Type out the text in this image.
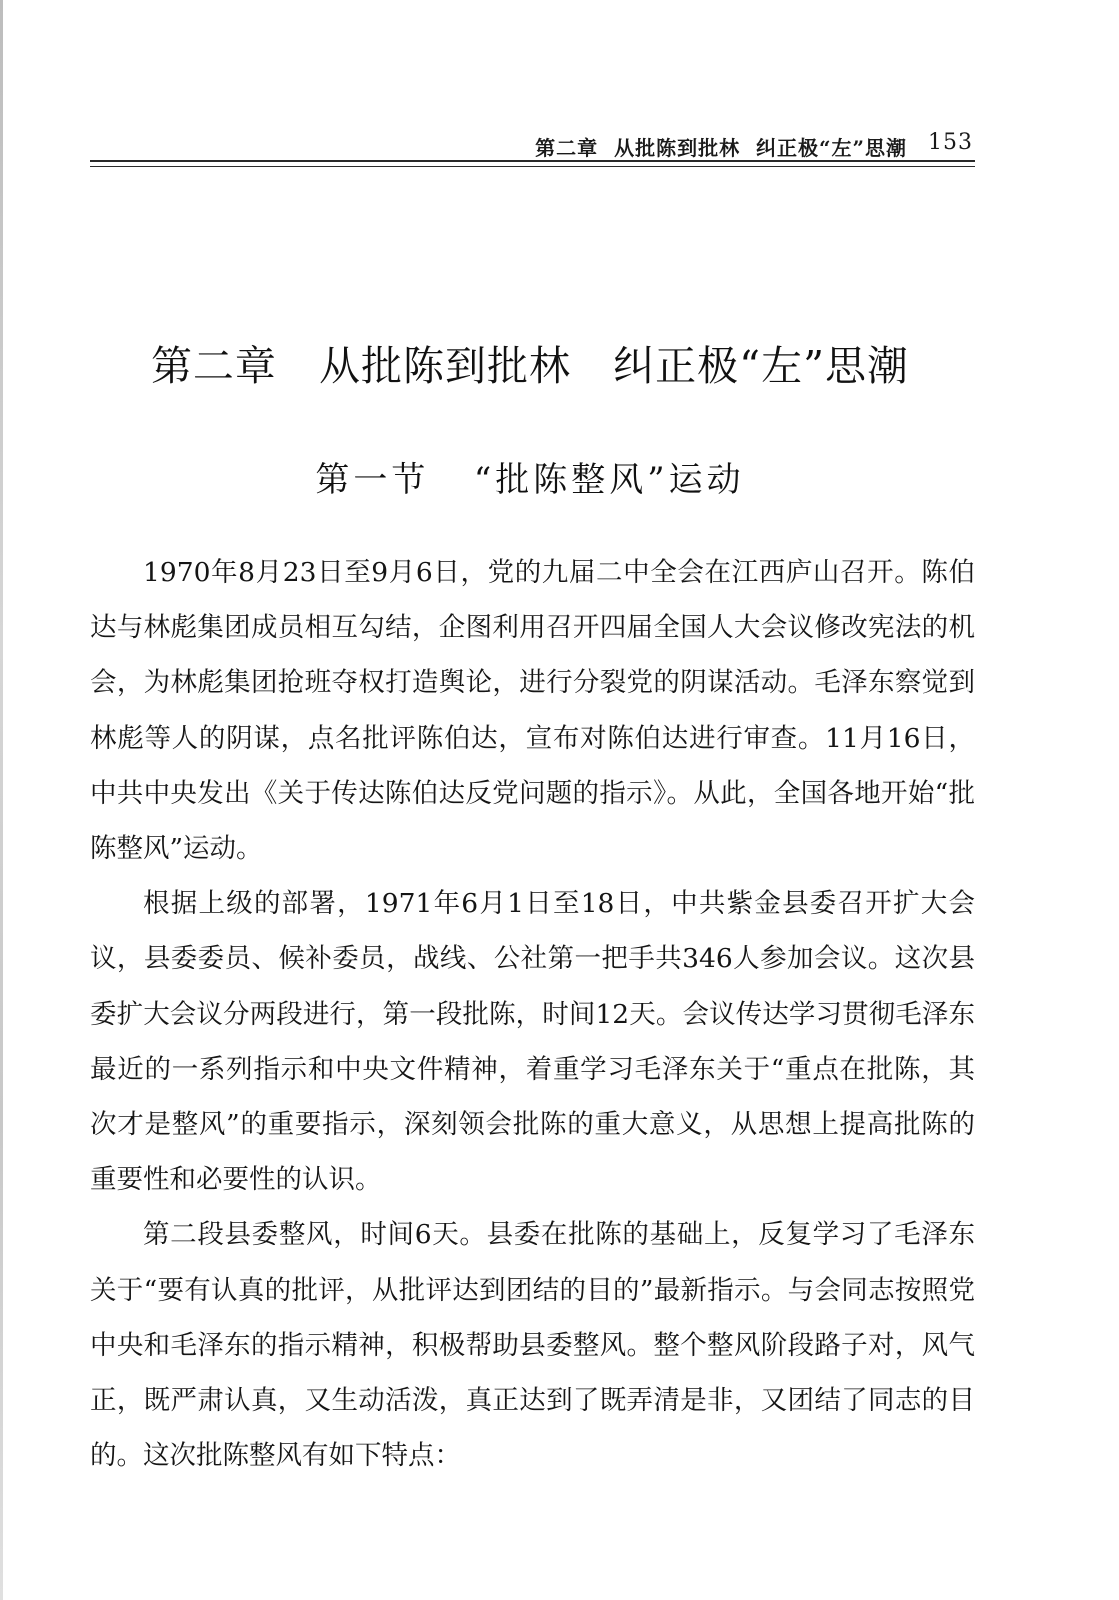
第二章  从批陈到批林  纠正极“左”思潮 153
第二章   从批陈到批林   纠正极“左”思潮
第一节   “批陈整风”运动

1970年8月23日至9月6日，党的九届二中全会在江西庐山召开。陈伯达与林彪集团成员相互勾结，企图利用召开四届全国人大会议修改宪法的机会，为林彪集团抢班夺权打造舆论，进行分裂党的阴谋活动。毛泽东察觉到林彪等人的阴谋，点名批评陈伯达，宣布对陈伯达进行审查。11月16日，中共中央发出《关于传达陈伯达反党问题的指示》。从此，全国各地开始“批陈整风”运动。

根据上级的部署，1971年6月1日至18日，中共紫金县委召开扩大会议，县委委员、候补委员，战线、公社第一把手共346人参加会议。这次县委扩大会议分两段进行，第一段批陈，时间12天。会议传达学习贯彻毛泽东最近的一系列指示和中央文件精神，着重学习毛泽东关于“重点在批陈，其次才是整风”的重要指示，深刻领会批陈的重大意义，从思想上提高批陈的重要性和必要性的认识。

第二段县委整风，时间6天。县委在批陈的基础上，反复学习了毛泽东关于“要有认真的批评，从批评达到团结的目的”最新指示。与会同志按照党中央和毛泽东的指示精神，积极帮助县委整风。整个整风阶段路子对，风气正，既严肃认真，又生动活泼，真正达到了既弄清是非，又团结了同志的目的。这次批陈整风有如下特点：
